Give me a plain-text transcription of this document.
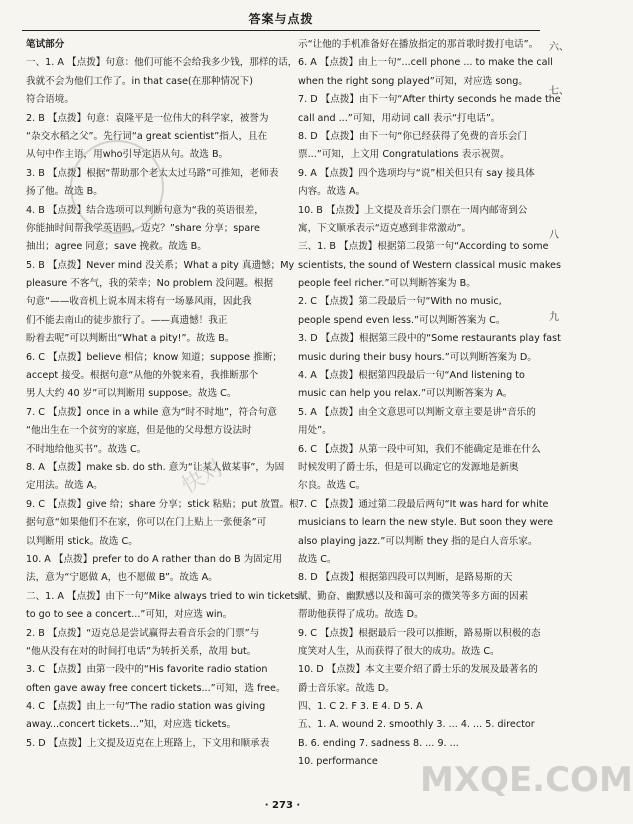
答案与点拨
笔试部分
一、1. A 【点拨】句意：他们可能不会给我多少钱，那样的话，
我就不会为他们工作了。in that case(在那种情况下)
符合语境。
2. B 【点拨】句意：袁隆平是一位伟大的科学家，被誉为
“杂交水稻之父”。先行词“a great scientist”指人，且在
从句中作主语，用who引导定语从句。故选 B。
3. B 【点拨】根据“帮助那个老太太过马路”可推知，老师表
扬了他。故选 B。
4. B 【点拨】结合选项可以判断句意为“我的英语很差，
你能抽时间帮我学英语吗，迈克？”share 分享；spare
抽出；agree 同意；save 挽救。故选 B。
5. B 【点拨】Never mind 没关系；What a pity 真遗憾；My
pleasure 不客气，我的荣幸；No problem 没问题。根据
句意“——收音机上说本周末将有一场暴风雨，因此我
们不能去南山的徒步旅行了。——真遗憾！我正
盼着去呢”可以判断出“What a pity!”。故选 B。
6. C 【点拨】believe 相信；know 知道；suppose 推断；
accept 接受。根据句意“从他的外貌来看，我推断那个
男人大约 40 岁”可以判断用 suppose。故选 C。
7. C 【点拨】once in a while 意为“时不时地”，符合句意
“他出生在一个贫穷的家庭，但是他的父母想方设法时
不时地给他买书”。故选 C。
8. A 【点拨】make sb. do sth. 意为“让某人做某事”，为固
定用法。故选 A。
9. C 【点拨】give 给；share 分享；stick 粘贴；put 放置。根
据句意“如果他们不在家，你可以在门上贴上一张便条”可
以判断用 stick。故选 C。
10. A 【点拨】prefer to do A rather than do B 为固定用
法，意为“宁愿做 A，也不愿做 B”。故选 A。
二、1. A 【点拨】由下一句“Mike always tried to win tickets
to go to see a concert...”可知，对应选 win。
2. B 【点拨】“迈克总是尝试赢得去看音乐会的门票”与
“他从没有在对的时间打电话”为转折关系，故用 but。
3. C 【点拨】由第一段中的“His favorite radio station
often gave away free concert tickets...”可知，选 free。
4. C 【点拨】由上一句“The radio station was giving
away...concert tickets...”知，对应选 tickets。
5. D 【点拨】上文提及迈克在上班路上，下文用和顺承表
示“让他的手机准备好在播放指定的那首歌时拨打电话”。
6. A 【点拨】由上一句“...cell phone ... to make the call
when the right song played”可知，对应选 song。
7. D 【点拨】由下一句“After thirty seconds he made the
call and ...”可知，用动词 call 表示“打电话”。
8. D 【点拨】由下一句“你已经获得了免费的音乐会门
票...”可知，上文用 Congratulations 表示祝贺。
9. A 【点拨】四个选项均与“说”相关但只有 say 接具体
内容。故选 A。
10. B 【点拨】上文提及音乐会门票在一周内邮寄到公
寓，下文顺承表示“迈克感到非常激动”。
三、1. B 【点拨】根据第二段第一句“According to some
scientists, the sound of Western classical music makes
people feel richer.”可以判断答案为 B。
2. C 【点拨】第二段最后一句“With no music,
people spend even less.”可以判断答案为 C。
3. D 【点拨】根据第三段中的“Some restaurants play fast
music during their busy hours.”可以判断答案为 D。
4. A 【点拨】根据第四段最后一句“And listening to
music can help you relax.”可以判断答案为 A。
5. A 【点拨】由全文意思可以判断文章主要是讲“音乐的
用处”。
6. C 【点拨】从第一段中可知，我们不能确定是谁在什么
时候发明了爵士乐，但是可以确定它的发源地是新奥
尔良。故选 C。
7. C 【点拨】通过第二段最后两句“It was hard for white
musicians to learn the new style. But soon they were
also playing jazz.”可以判断 they 指的是白人音乐家。
故选 C。
8. D 【点拨】根据第四段可以判断，是路易斯的天
赋、勤奋、幽默感以及和蔼可亲的微笑等多方面的因素
帮助他获得了成功。故选 D。
9. C 【点拨】根据最后一段可以推断，路易斯以积极的态
度笑对人生，从而获得了很大的成功。故选 C。
10. D 【点拨】本文主要介绍了爵士乐的发展及最著名的
爵士音乐家。故选 D。
四、1. C 2. F 3. E 4. D 5. A
五、1. A. wound 2. smoothly 3. ... 4. ... 5. director
B. 6. ending 7. sadness 8. ... 9. ...
10. performance
六、
七、
八
九
快对
MXQE.COM
· 273 ·
